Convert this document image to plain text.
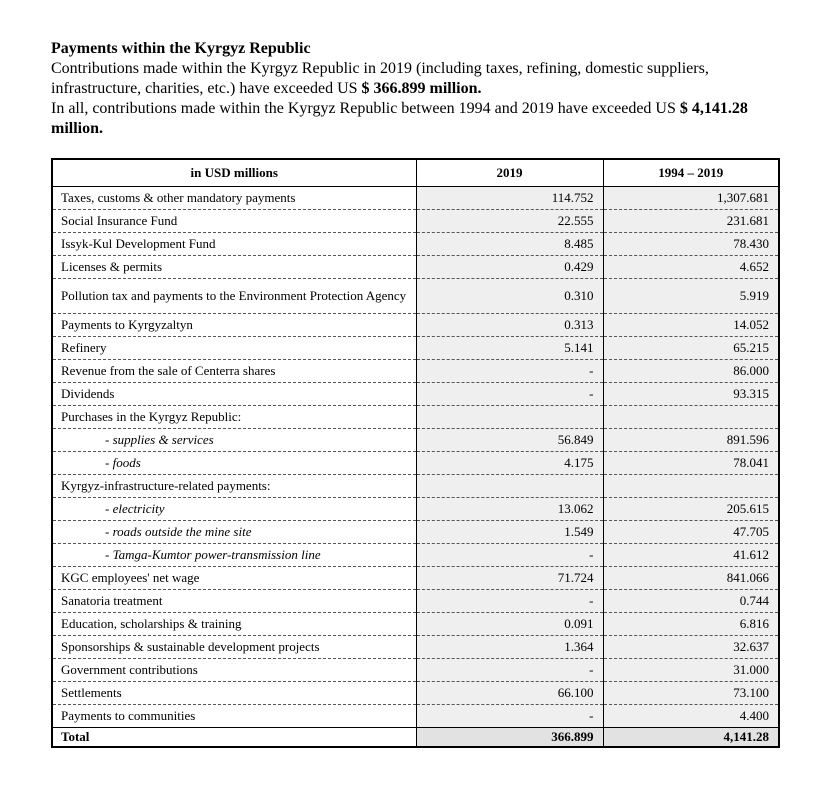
Payments within the Kyrgyz Republic
Contributions made within the Kyrgyz Republic in 2019 (including taxes, refining, domestic suppliers, infrastructure, charities, etc.) have exceeded US $ 366.899 million.
In all, contributions made within the Kyrgyz Republic between 1994 and 2019 have exceeded US $ 4,141.28 million.
in USD millions	2019	1994 – 2019
Taxes, customs & other mandatory payments	114.752	1,307.681
Social Insurance Fund	22.555	231.681
Issyk-Kul Development Fund	8.485	78.430
Licenses & permits	0.429	4.652
Pollution tax and payments to the Environment Protection Agency	0.310	5.919
Payments to Kyrgyzaltyn	0.313	14.052
Refinery	5.141	65.215
Revenue from the sale of Centerra shares	-	86.000
Dividends	-	93.315
Purchases in the Kyrgyz Republic:		
- supplies & services	56.849	891.596
- foods	4.175	78.041
Kyrgyz-infrastructure-related payments:		
- electricity	13.062	205.615
- roads outside the mine site	1.549	47.705
- Tamga-Kumtor power-transmission line	-	41.612
KGC employees' net wage	71.724	841.066
Sanatoria treatment	-	0.744
Education, scholarships & training	0.091	6.816
Sponsorships & sustainable development projects	1.364	32.637
Government contributions	-	31.000
Settlements	66.100	73.100
Payments to communities	-	4.400
Total	366.899	4,141.28
